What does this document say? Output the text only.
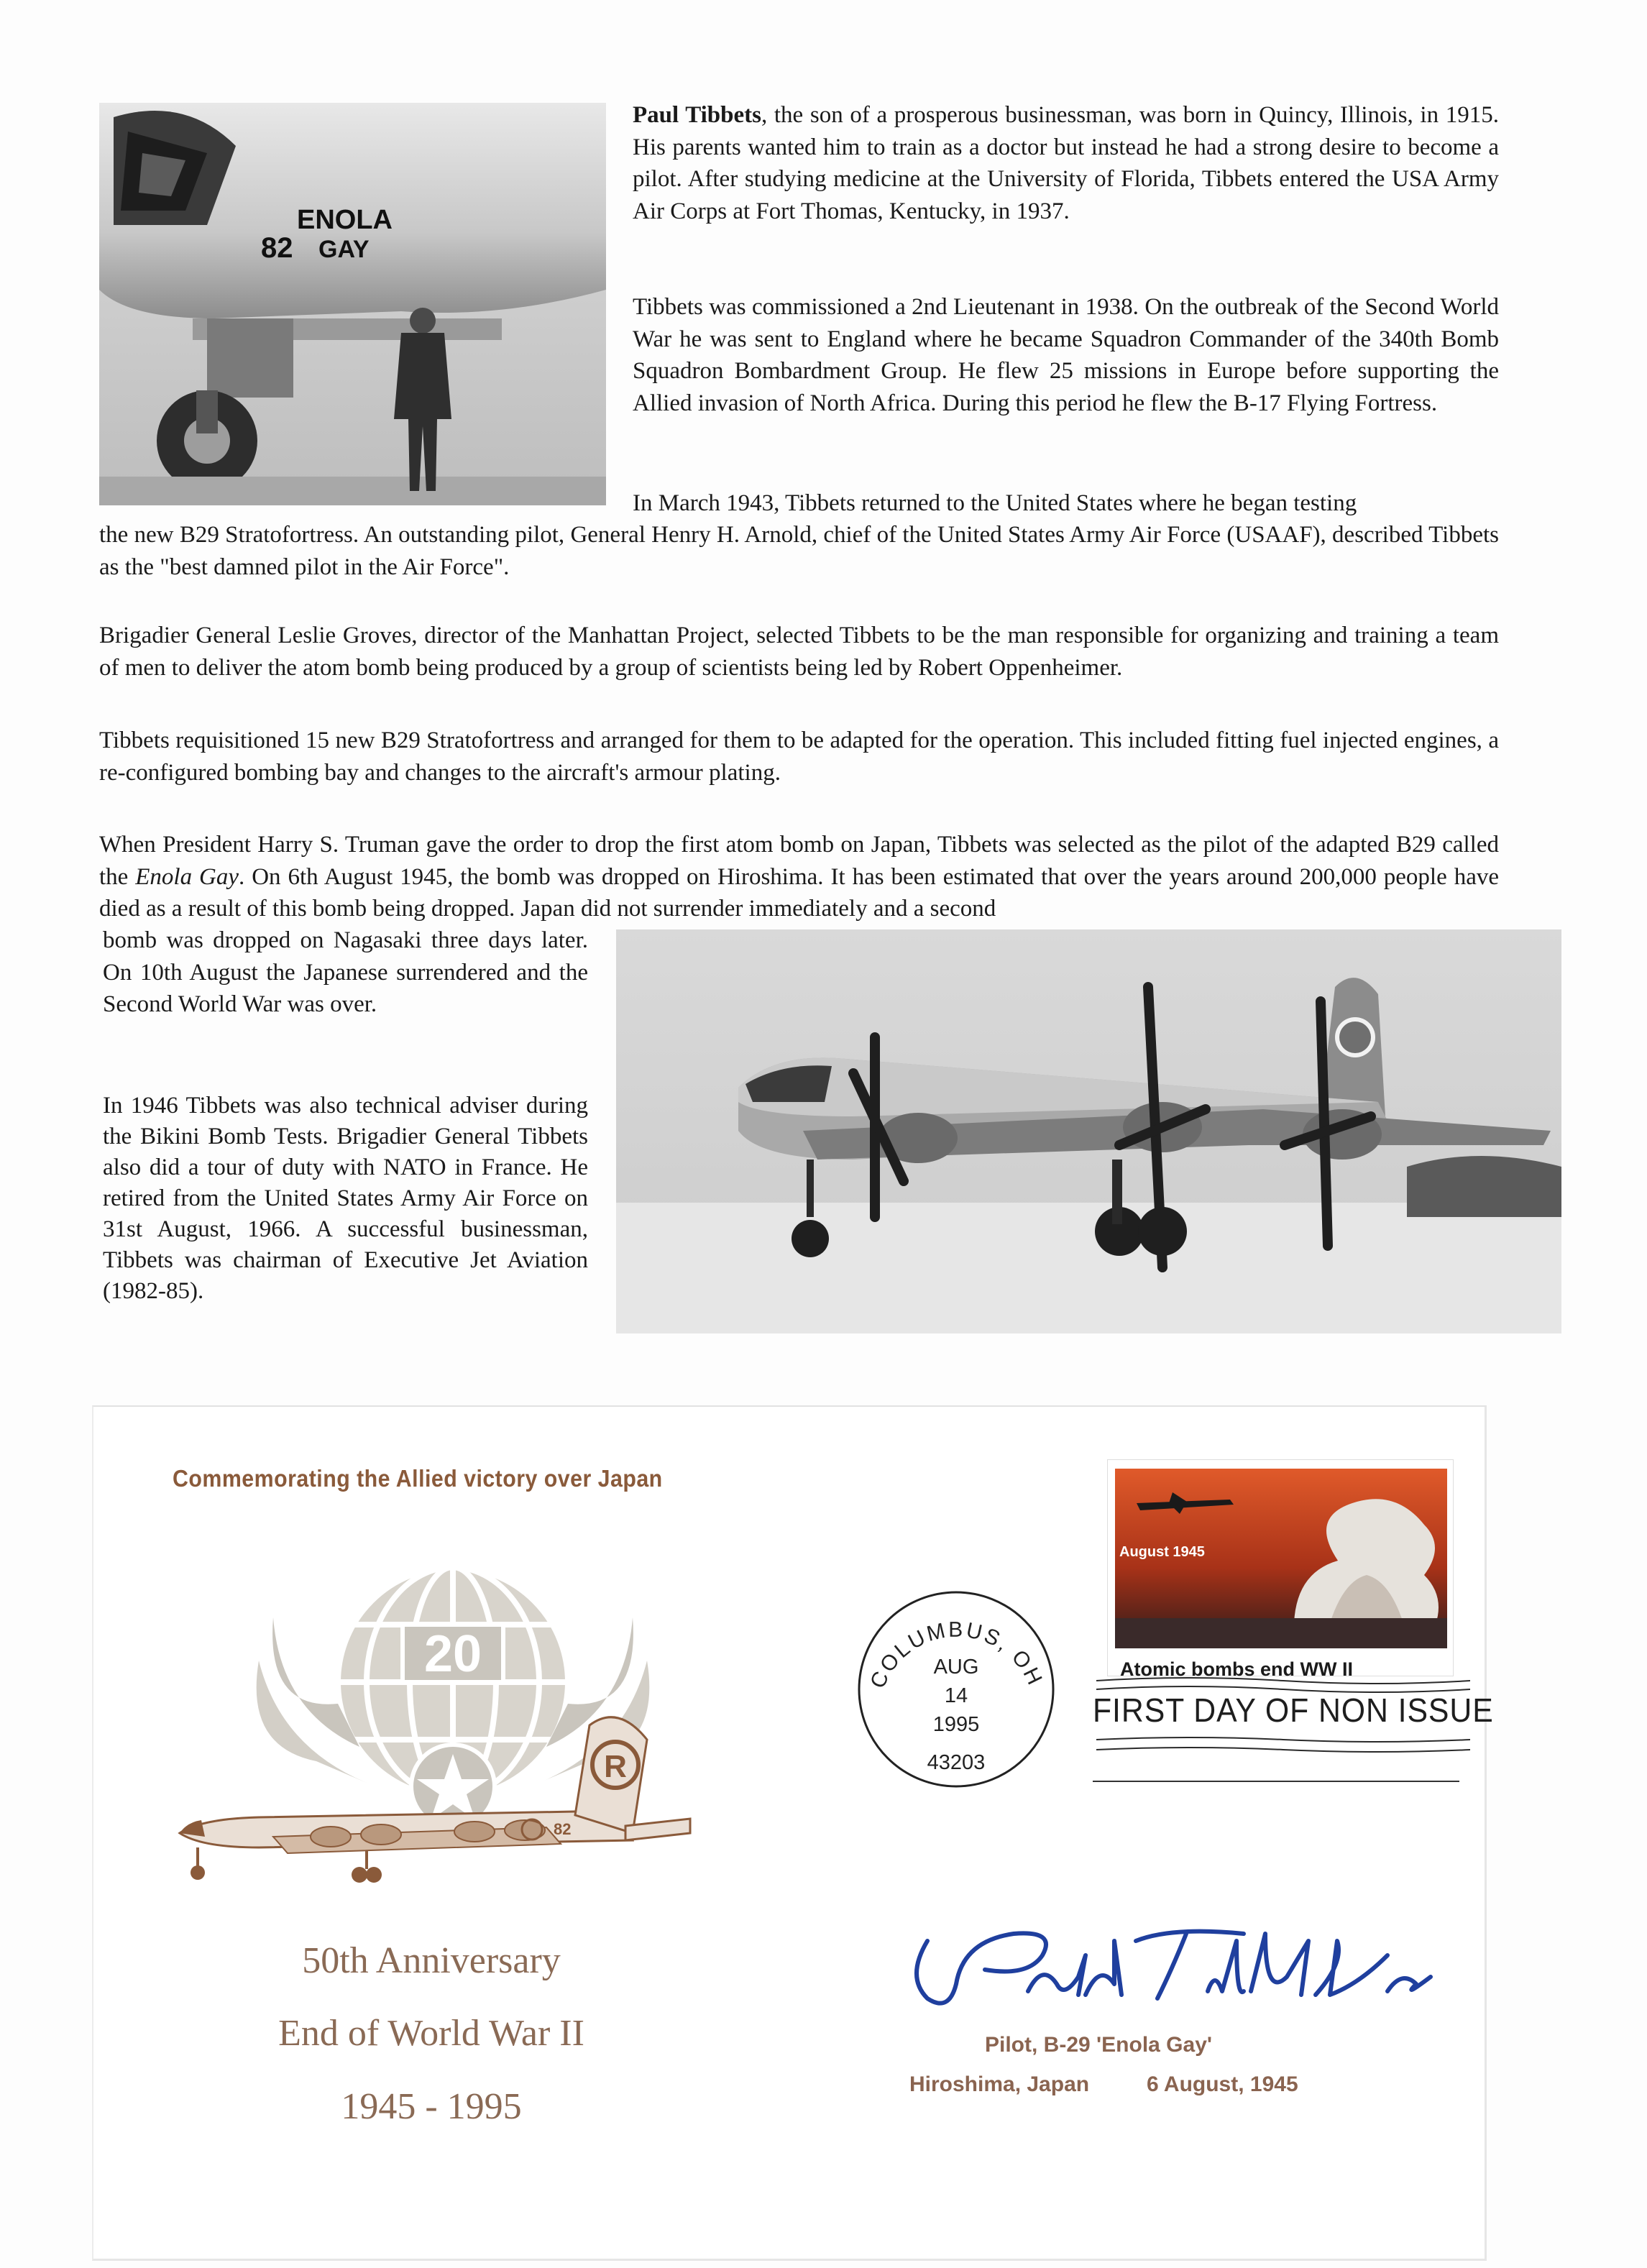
ENOLA
GAY
82

Paul Tibbets, the son of a prosperous businessman, was born in Quincy, Illinois, in 1915. His parents wanted him to train as a doctor but instead he had a strong desire to become a pilot. After studying medicine at the University of Florida, Tibbets entered the USA Army Air Corps at Fort Thomas, Kentucky, in 1937.

Tibbets was commissioned a 2nd Lieutenant in 1938. On the outbreak of the Second World War he was sent to England where he became Squadron Commander of the 340th Bomb Squadron Bombardment Group. He flew 25 missions in Europe before supporting the Allied invasion of North Africa. During this period he flew the B-17 Flying Fortress.

In March 1943, Tibbets returned to the United States where he began testing

the new B29 Stratofortress. An outstanding pilot, General Henry H. Arnold, chief of the United States Army Air Force (USAAF), described Tibbets as the "best damned pilot in the Air Force".

Brigadier General Leslie Groves, director of the Manhattan Project, selected Tibbets to be the man responsible for organizing and training a team of men to deliver the atom bomb being produced by a group of scientists being led by Robert Oppenheimer.

Tibbets requisitioned 15 new B29 Stratofortress and arranged for them to be adapted for the operation. This included fitting fuel injected engines, a re-configured bombing bay and changes to the aircraft's armour plating.

When President Harry S. Truman gave the order to drop the first atom bomb on Japan, Tibbets was selected as the pilot of the adapted B29 called the Enola Gay. On 6th August 1945, the bomb was dropped on Hiroshima. It has been estimated that over the years around 200,000 people have died as a result of this bomb being dropped. Japan did not surrender immediately and a second

bomb was dropped on Nagasaki three days later. On 10th August the Japanese surrendered and the Second World War was over.

In 1946 Tibbets was also technical adviser during the Bikini Bomb Tests. Brigadier General Tibbets also did a tour of duty with NATO in France. He retired from the United States Army Air Force on 31st August, 1966. A successful businessman, Tibbets was chairman of Executive Jet Aviation (1982-85).

Commemorating the Allied victory over Japan
20
R
82
50th Anniversary
End of World War II
1945 - 1995
August 1945
Atomic bombs end WW II
COLUMBUS, OH
AUG
14
1995
43203
FIRST DAY OF NON ISSUE
Pilot, B-29 'Enola Gay'
Hiroshima, Japan	6 August, 1945
